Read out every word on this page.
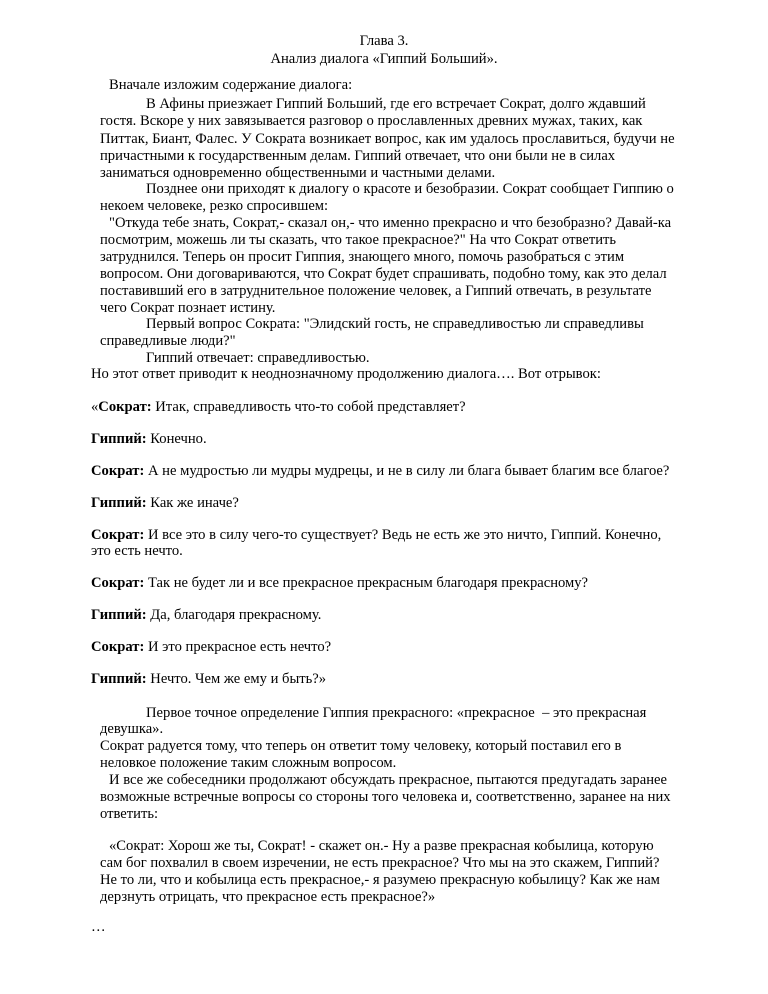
Глава 3.
Анализ диалога «Гиппий Больший».
Вначале изложим содержание диалога:
В Афины приезжает Гиппий Больший, где его встречает Сократ, долго ждавший
гостя. Вскоре у них завязывается разговор о прославленных древних мужах, таких, как
Питтак, Биант, Фалес. У Сократа возникает вопрос, как им удалось прославиться, будучи не
причастными к государственным делам. Гиппий отвечает, что они были не в силах
заниматься одновременно общественными и частными делами.
Позднее они приходят к диалогу о красоте и безобразии. Сократ сообщает Гиппию о
некоем человеке, резко спросившем:
"Откуда тебе знать, Сократ,- сказал он,- что именно прекрасно и что безобразно? Давай-ка
посмотрим, можешь ли ты сказать, что такое прекрасное?" На что Сократ ответить
затруднился. Теперь он просит Гиппия, знающего много, помочь разобраться с этим
вопросом. Они договариваются, что Сократ будет спрашивать, подобно тому, как это делал
поставивший его в затруднительное положение человек, а Гиппий отвечать, в результате
чего Сократ познает истину.
Первый вопрос Сократа: "Элидский гость, не справедливостью ли справедливы
справедливые люди?"
Гиппий отвечает: справедливостью.
Но этот ответ приводит к неоднозначному продолжению диалога…. Вот отрывок:
«Сократ: Итак, справедливость что-то собой представляет?
Гиппий: Конечно.
Сократ: А не мудростью ли мудры мудрецы, и не в силу ли блага бывает благим все благое?
Гиппий: Как же иначе?
Сократ: И все это в силу чего-то существует? Ведь не есть же это ничто, Гиппий. Конечно,
это есть нечто.
Сократ: Так не будет ли и все прекрасное прекрасным благодаря прекрасному?
Гиппий: Да, благодаря прекрасному.
Сократ: И это прекрасное есть нечто?
Гиппий: Нечто. Чем же ему и быть?»
Первое точное определение Гиппия прекрасного: «прекрасное  – это прекрасная
девушка».
Сократ радуется тому, что теперь он ответит тому человеку, который поставил его в
неловкое положение таким сложным вопросом.
И все же собеседники продолжают обсуждать прекрасное, пытаются предугадать заранее
возможные встречные вопросы со стороны того человека и, соответственно, заранее на них
ответить:
«Сократ: Хорош же ты, Сократ! - скажет он.- Ну а разве прекрасная кобылица, которую
сам бог похвалил в своем изречении, не есть прекрасное? Что мы на это скажем, Гиппий?
Не то ли, что и кобылица есть прекрасное,- я разумею прекрасную кобылицу? Как же нам
дерзнуть отрицать, что прекрасное есть прекрасное?»
…
